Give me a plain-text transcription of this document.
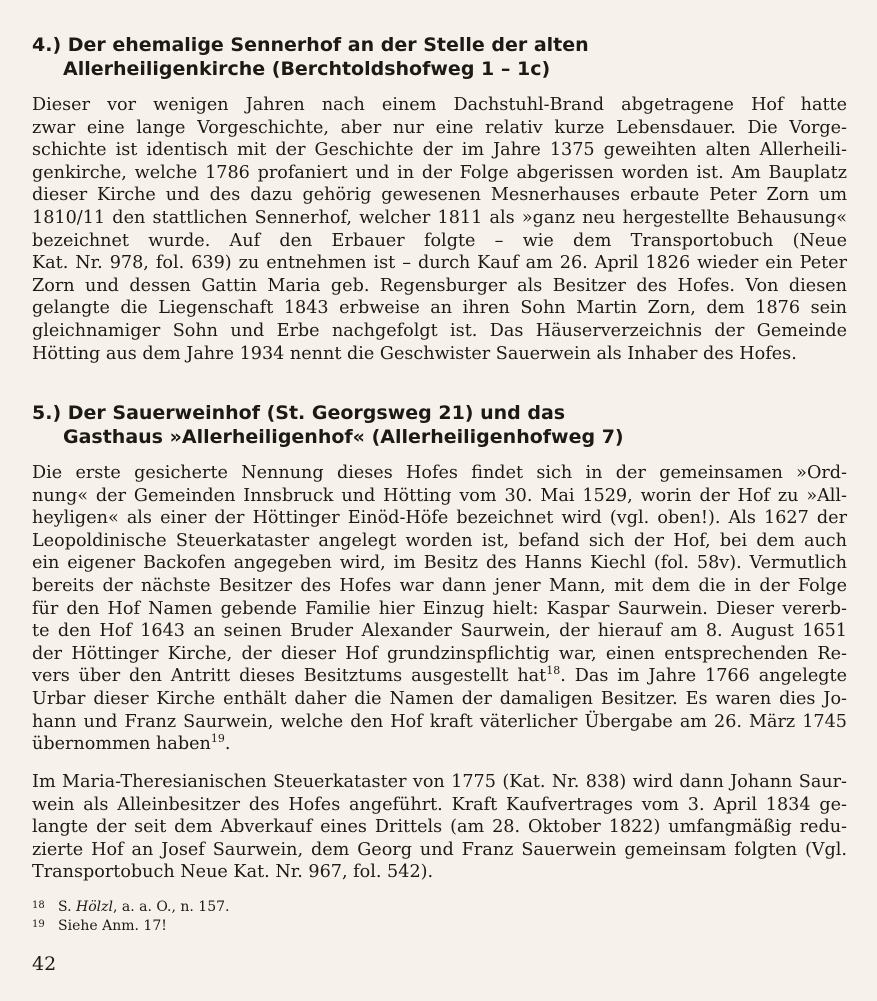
4.) Der ehemalige Sennerhof an der Stelle der alten
Allerheiligenkirche (Berchtoldshofweg 1 – 1c)
Dieser vor wenigen Jahren nach einem Dachstuhl-Brand abgetragene Hof hatte
zwar eine lange Vorgeschichte, aber nur eine relativ kurze Lebensdauer. Die Vorge-
schichte ist identisch mit der Geschichte der im Jahre 1375 geweihten alten Allerheili-
genkirche, welche 1786 profaniert und in der Folge abgerissen worden ist. Am Bauplatz
dieser Kirche und des dazu gehörig gewesenen Mesnerhauses erbaute Peter Zorn um
1810/11 den stattlichen Sennerhof, welcher 1811 als »ganz neu hergestellte Behausung«
bezeichnet wurde. Auf den Erbauer folgte – wie dem Transportobuch (Neue
Kat. Nr. 978, fol. 639) zu entnehmen ist – durch Kauf am 26. April 1826 wieder ein Peter
Zorn und dessen Gattin Maria geb. Regensburger als Besitzer des Hofes. Von diesen
gelangte die Liegenschaft 1843 erbweise an ihren Sohn Martin Zorn, dem 1876 sein
gleichnamiger Sohn und Erbe nachgefolgt ist. Das Häuserverzeichnis der Gemeinde
Hötting aus dem Jahre 1934 nennt die Geschwister Sauerwein als Inhaber des Hofes.
5.) Der Sauerweinhof (St. Georgsweg 21) und das
Gasthaus »Allerheiligenhof« (Allerheiligenhofweg 7)
Die erste gesicherte Nennung dieses Hofes findet sich in der gemeinsamen »Ord-
nung« der Gemeinden Innsbruck und Hötting vom 30. Mai 1529, worin der Hof zu »All-
heyligen« als einer der Höttinger Einöd-Höfe bezeichnet wird (vgl. oben!). Als 1627 der
Leopoldinische Steuerkataster angelegt worden ist, befand sich der Hof, bei dem auch
ein eigener Backofen angegeben wird, im Besitz des Hanns Kiechl (fol. 58v). Vermutlich
bereits der nächste Besitzer des Hofes war dann jener Mann, mit dem die in der Folge
für den Hof Namen gebende Familie hier Einzug hielt: Kaspar Saurwein. Dieser vererb-
te den Hof 1643 an seinen Bruder Alexander Saurwein, der hierauf am 8. August 1651
der Höttinger Kirche, der dieser Hof grundzinspflichtig war, einen entsprechenden Re-
vers über den Antritt dieses Besitztums ausgestellt hat$^{18}$. Das im Jahre 1766 angelegte
Urbar dieser Kirche enthält daher die Namen der damaligen Besitzer. Es waren dies Jo-
hann und Franz Saurwein, welche den Hof kraft väterlicher Übergabe am 26. März 1745
übernommen haben$^{19}$.
Im Maria-Theresianischen Steuerkataster von 1775 (Kat. Nr. 838) wird dann Johann Saur-
wein als Alleinbesitzer des Hofes angeführt. Kraft Kaufvertrages vom 3. April 1834 ge-
langte der seit dem Abverkauf eines Drittels (am 28. Oktober 1822) umfangmäßig redu-
zierte Hof an Josef Saurwein, dem Georg und Franz Sauerwein gemeinsam folgten (Vgl.
Transportobuch Neue Kat. Nr. 967, fol. 542).
18 S. Hölzl, a. a. O., n. 157.
19 Siehe Anm. 17!
42
